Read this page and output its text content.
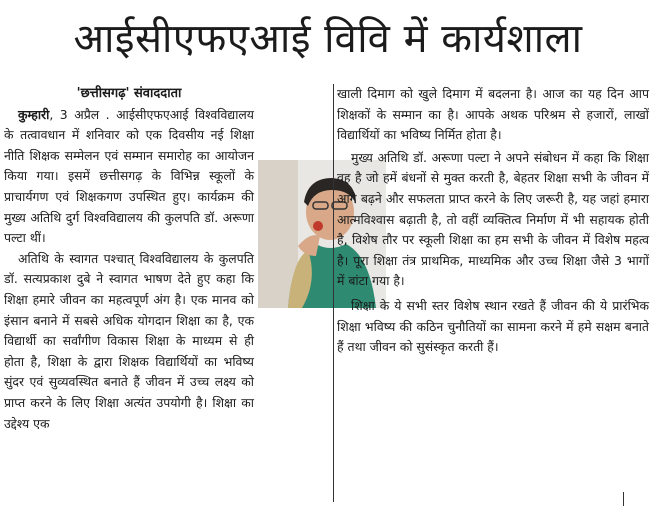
आईसीएफएआई विवि में कार्यशाला

'छत्तीसगढ़' संवाददाता

कुम्हारी, 3 अप्रैल . आईसीएफएआई विश्वविद्यालय के तत्वावधान में शनिवार को एक दिवसीय नई शिक्षा नीति शिक्षक सम्मेलन एवं सम्मान समारोह का आयोजन किया गया। इसमें छत्तीसगढ़ के विभिन्न स्कूलों के प्राचार्यगण एवं शिक्षकगण उपस्थित हुए। कार्यक्रम की मुख्य अतिथि दुर्ग विश्वविद्यालय की कुलपति डॉ. अरूणा पल्टा थीं।

अतिथि के स्वागत पश्चात् विश्वविद्यालय के कुलपति डॉ. सत्यप्रकाश दुबे ने स्वागत भाषण देते हुए कहा कि शिक्षा हमारे जीवन का महत्वपूर्ण अंग है। एक मानव को इंसान बनाने में सबसे अधिक योगदान शिक्षा का है, एक विद्यार्थी का सर्वांगीण विकास शिक्षा के माध्यम से ही होता है, शिक्षा के द्वारा शिक्षक विद्यार्थियों का भविष्य सुंदर एवं सुव्यवस्थित बनाते हैं जीवन में उच्च लक्ष्य को प्राप्त करने के लिए शिक्षा अत्यंत उपयोगी है। शिक्षा का उद्देश्य एक

खाली दिमाग को खुले दिमाग में बदलना है। आज का यह दिन आप शिक्षकों के सम्मान का है। आपके अथक परिश्रम से हजारों, लाखों विद्यार्थियों का भविष्य निर्मित होता है।

मुख्य अतिथि डॉ. अरूणा पल्टा ने अपने संबोधन में कहा कि शिक्षा वह है जो हमें बंधनों से मुक्त करती है, बेहतर शिक्षा सभी के जीवन में आगे बढ़ने और सफलता प्राप्त करने के लिए जरूरी है, यह जहां हमारा आत्मविश्वास बढ़ाती है, तो वहीं व्यक्तित्व निर्माण में भी सहायक होती है, विशेष तौर पर स्कूली शिक्षा का हम सभी के जीवन में विशेष महत्व है। पूरा शिक्षा तंत्र प्राथमिक, माध्यमिक और उच्च शिक्षा जैसे 3 भागों में बांटा गया है।

शिक्षा के ये सभी स्तर विशेष स्थान रखते हैं जीवन की ये प्रारंभिक शिक्षा भविष्य की कठिन चुनौतियों का सामना करने में हमे सक्षम बनाते हैं तथा जीवन को सुसंस्कृत करती हैं।
